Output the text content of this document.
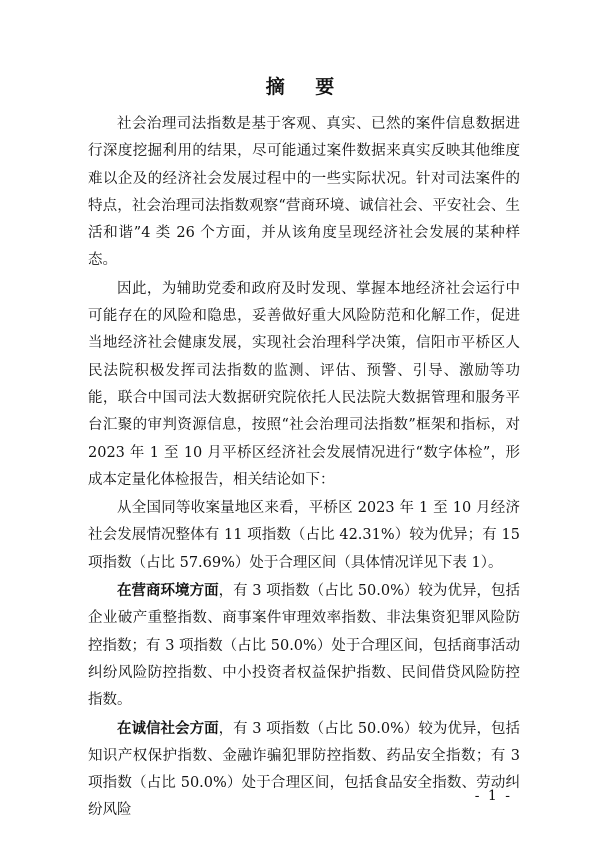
摘 要

社会治理司法指数是基于客观、真实、已然的案件信息数据进行深度挖掘利用的结果，尽可能通过案件数据来真实反映其他维度难以企及的经济社会发展过程中的一些实际状况。针对司法案件的特点，社会治理司法指数观察“营商环境、诚信社会、平安社会、生活和谐”4 类 26 个方面，并从该角度呈现经济社会发展的某种样态。

因此，为辅助党委和政府及时发现、掌握本地经济社会运行中可能存在的风险和隐患，妥善做好重大风险防范和化解工作，促进当地经济社会健康发展，实现社会治理科学决策，信阳市平桥区人民法院积极发挥司法指数的监测、评估、预警、引导、激励等功能，联合中国司法大数据研究院依托人民法院大数据管理和服务平台汇聚的审判资源信息，按照“社会治理司法指数”框架和指标，对 2023 年 1 至 10 月平桥区经济社会发展情况进行“数字体检”，形成本定量化体检报告，相关结论如下：

从全国同等收案量地区来看，平桥区 2023 年 1 至 10 月经济社会发展情况整体有 11 项指数（占比 42.31%）较为优异；有 15 项指数（占比 57.69%）处于合理区间（具体情况详见下表 1）。

在营商环境方面，有 3 项指数（占比 50.0%）较为优异，包括企业破产重整指数、商事案件审理效率指数、非法集资犯罪风险防控指数；有 3 项指数（占比 50.0%）处于合理区间，包括商事活动纠纷风险防控指数、中小投资者权益保护指数、民间借贷风险防控指数。

在诚信社会方面，有 3 项指数（占比 50.0%）较为优异，包括知识产权保护指数、金融诈骗犯罪防控指数、药品安全指数；有 3 项指数（占比 50.0%）处于合理区间，包括食品安全指数、劳动纠纷风险

- 1 -
